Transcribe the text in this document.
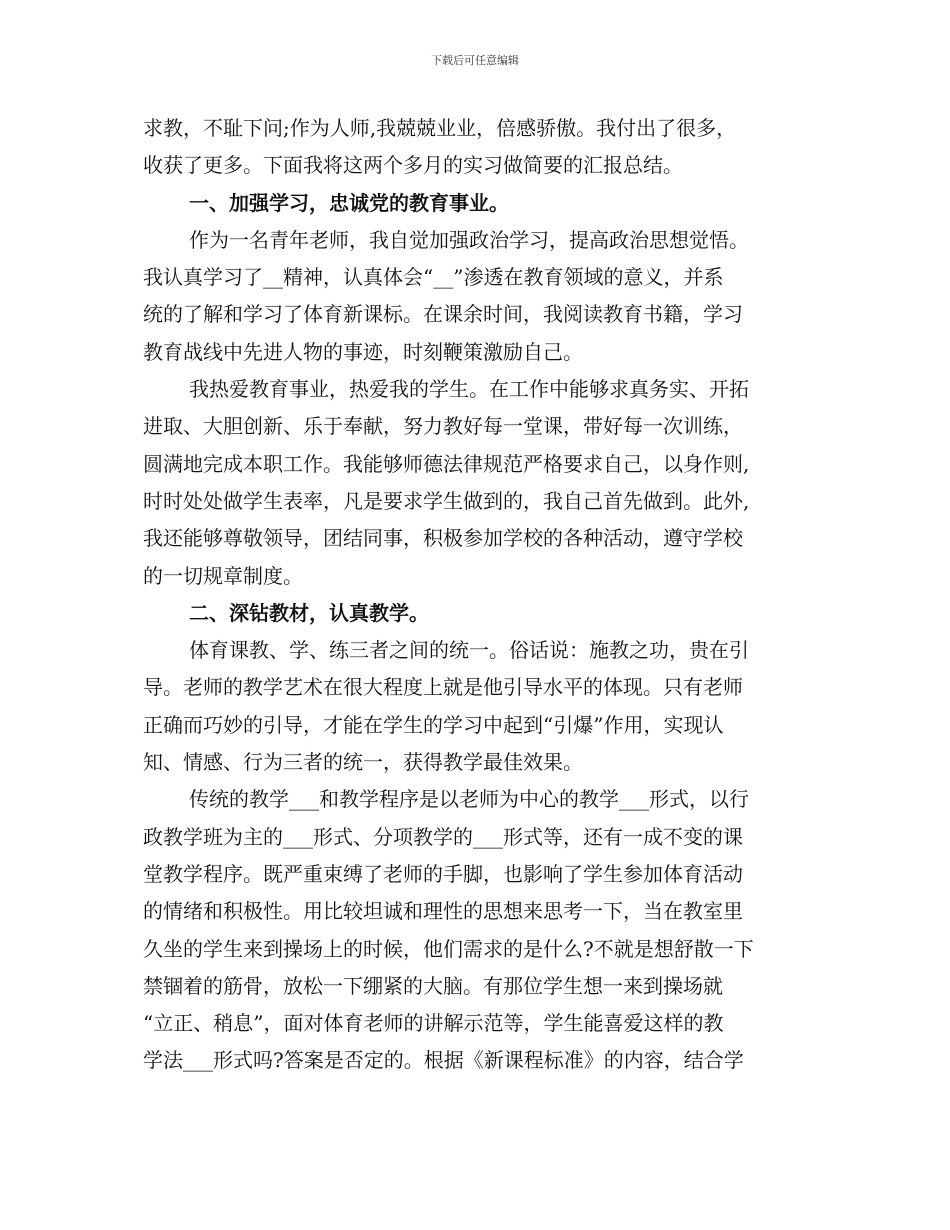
下载后可任意编辑
求教，不耻下问;作为人师,我兢兢业业，倍感骄傲。我付出了很多，
收获了更多。下面我将这两个多月的实习做简要的汇报总结。
一、加强学习，忠诚党的教育事业。
作为一名青年老师，我自觉加强政治学习，提高政治思想觉悟。
我认真学习了__精神，认真体会“__”渗透在教育领域的意义，并系
统的了解和学习了体育新课标。在课余时间，我阅读教育书籍，学习
教育战线中先进人物的事迹，时刻鞭策激励自己。
我热爱教育事业，热爱我的学生。在工作中能够求真务实、开拓
进取、大胆创新、乐于奉献，努力教好每一堂课，带好每一次训练，
圆满地完成本职工作。我能够师德法律规范严格要求自己，以身作则,
时时处处做学生表率，凡是要求学生做到的，我自己首先做到。此外,
我还能够尊敬领导，团结同事，积极参加学校的各种活动，遵守学校
的一切规章制度。
二、深钻教材，认真教学。
体育课教、学、练三者之间的统一。俗话说：施教之功，贵在引
导。老师的教学艺术在很大程度上就是他引导水平的体现。只有老师
正确而巧妙的引导，才能在学生的学习中起到“引爆”作用，实现认
知、情感、行为三者的统一，获得教学最佳效果。
传统的教学___和教学程序是以老师为中心的教学___形式，以行
政教学班为主的___形式、分项教学的___形式等，还有一成不变的课
堂教学程序。既严重束缚了老师的手脚，也影响了学生参加体育活动
的情绪和积极性。用比较坦诚和理性的思想来思考一下，当在教室里
久坐的学生来到操场上的时候，他们需求的是什么?不就是想舒散一下
禁锢着的筋骨，放松一下绷紧的大脑。有那位学生想一来到操场就
“立正、稍息”，面对体育老师的讲解示范等，学生能喜爱这样的教
学法___形式吗?答案是否定的。根据《新课程标准》的内容，结合学
